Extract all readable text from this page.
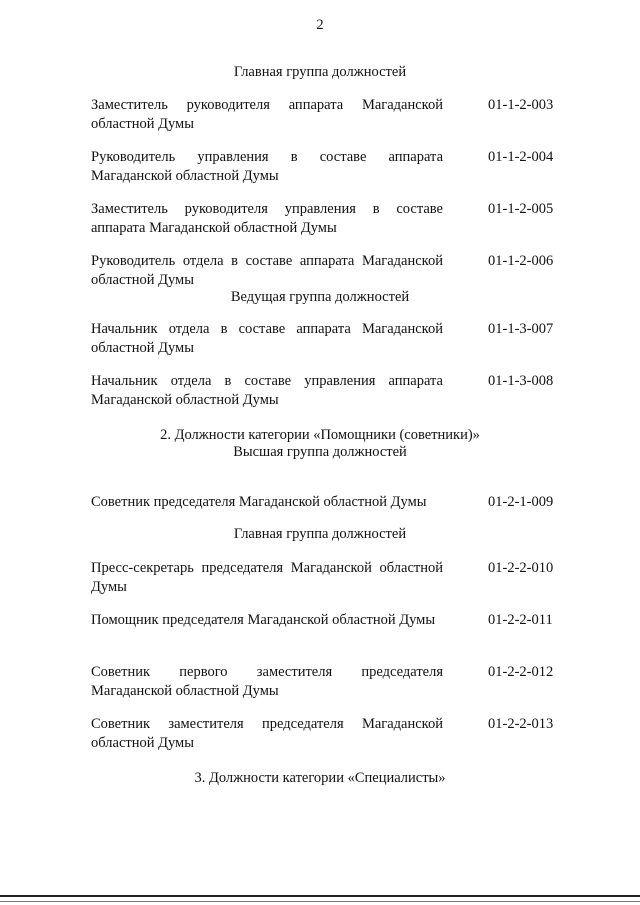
2
Главная группа должностей
Заместитель руководителя аппарата Магаданской областной Думы
01-1-2-003
Руководитель управления в составе аппарата Магаданской областной Думы
01-1-2-004
Заместитель руководителя управления в составе аппарата Магаданской областной Думы
01-1-2-005
Руководитель отдела в составе аппарата Магаданской областной Думы
01-1-2-006
Ведущая группа должностей
Начальник отдела в составе аппарата Магаданской областной Думы
01-1-3-007
Начальник отдела в составе управления аппарата Магаданской областной Думы
01-1-3-008
2. Должности категории «Помощники (советники)»
Высшая группа должностей
Советник председателя Магаданской областной Думы	01-2-1-009
Главная группа должностей
Пресс-секретарь председателя Магаданской областной Думы
01-2-2-010
Помощник председателя Магаданской областной Думы	01-2-2-011
Советник первого заместителя председателя Магаданской областной Думы
01-2-2-012
Советник заместителя председателя Магаданской областной Думы
01-2-2-013
3. Должности категории «Специалисты»
